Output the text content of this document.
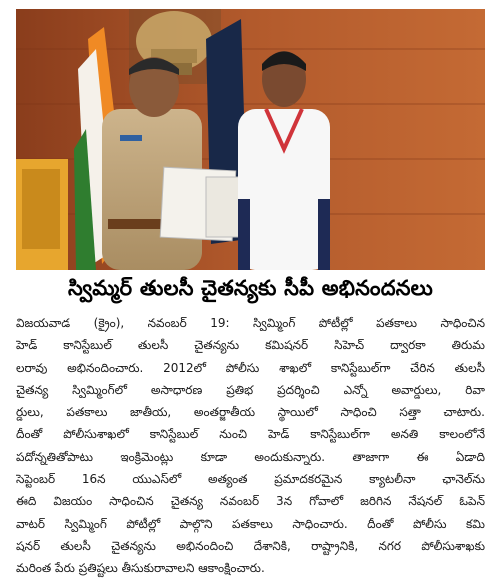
స్విమ్మర్ తులసీ చైతన్యకు సీపీ అభినందనలు
విజయవాడ (క్రైం), నవంబర్ 19: స్విమ్మింగ్ పోటీల్లో పతకాలు సాధించిన
హెడ్ కానిస్టేబుల్ తులసీ చైతన్యను కమిషనర్ సిహెచ్ ద్వారకా తిరుమ
లరావు అభినందించారు. 2012లో పోలీసు శాఖలో కానిస్టేబుల్‌గా చేరిన తులసీ
చైతన్య స్విమ్మింగ్‌లో అసాధారణ ప్రతిభ ప్రదర్శించి ఎన్నో అవార్డులు, రివా
ర్డులు, పతకాలు జాతీయ, అంతర్జాతీయ స్థాయిలో సాధించి సత్తా చాటారు.
దీంతో పోలీసుశాఖలో కానిస్టేబుల్ నుంచి హెడ్ కానిస్టేబుల్‌గా అనతి కాలంలోనే
పదోన్నతితోపాటు ఇంక్రిమెంట్లు కూడా అందుకున్నారు. తాజాగా ఈ ఏడాది
సెప్టెంబర్ 16న యుఎస్‌లో అత్యంత ప్రమాదకరమైన క్యాటలీనా ఛానెల్‌ను
ఈది విజయం సాధించిన చైతన్య నవంబర్ 3న గోవాలో జరిగిన నేషనల్ ఓపెన్
వాటర్ స్విమ్మింగ్ పోటీల్లో పాల్గొని పతకాలు సాధించారు. దీంతో పోలీసు కమి
షనర్ తులసీ చైతన్యను అభినందించి దేశానికి, రాష్ట్రానికి, నగర పోలీసుశాఖకు
మరింత పేరు ప్రతిష్టలు తీసుకురావాలని ఆకాంక్షించారు.
